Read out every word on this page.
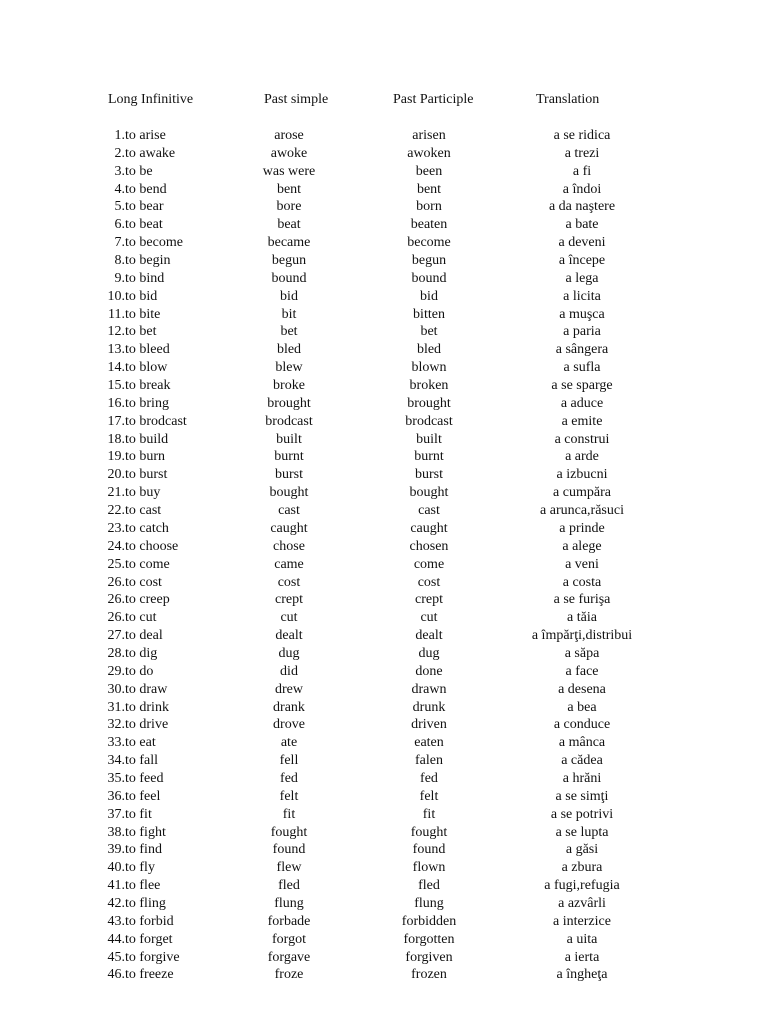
Long Infinitive	Past simple	Past Participle	Translation
1. to arise	arose	arisen	a se ridica
2. to awake	awoke	awoken	a trezi
3. to be	was were	been	a fi
4. to bend	bent	bent	a îndoi
5. to bear	bore	born	a da naştere
6. to beat	beat	beaten	a bate
7. to become	became	become	a deveni
8. to begin	begun	begun	a începe
9. to bind	bound	bound	a lega
10. to bid	bid	bid	a licita
11. to bite	bit	bitten	a muşca
12. to bet	bet	bet	a paria
13. to bleed	bled	bled	a sângera
14. to blow	blew	blown	a sufla
15. to break	broke	broken	a se sparge
16. to bring	brought	brought	a aduce
17. to brodcast	brodcast	brodcast	a emite
18. to build	built	built	a construi
19. to burn	burnt	burnt	a arde
20. to burst	burst	burst	a izbucni
21. to buy	bought	bought	a cumpăra
22. to cast	cast	cast	a arunca,răsuci
23. to catch	caught	caught	a prinde
24. to choose	chose	chosen	a alege
25. to come	came	come	a veni
26. to cost	cost	cost	a costa
26. to creep	crept	crept	a se furişa
26. to cut	cut	cut	a tăia
27. to deal	dealt	dealt	a împărţi,distribui
28. to dig	dug	dug	a săpa
29. to do	did	done	a face
30. to draw	drew	drawn	a desena
31. to drink	drank	drunk	a bea
32. to drive	drove	driven	a conduce
33. to eat	ate	eaten	a mânca
34. to fall	fell	falen	a cădea
35. to feed	fed	fed	a hrăni
36. to feel	felt	felt	a se simţi
37. to fit	fit	fit	a se potrivi
38. to fight	fought	fought	a se lupta
39. to find	found	found	a găsi
40. to fly	flew	flown	a zbura
41. to flee	fled	fled	a fugi,refugia
42. to fling	flung	flung	a azvârli
43. to forbid	forbade	forbidden	a interzice
44. to forget	forgot	forgotten	a uita
45. to forgive	forgave	forgiven	a ierta
46. to freeze	froze	frozen	a îngheţa
